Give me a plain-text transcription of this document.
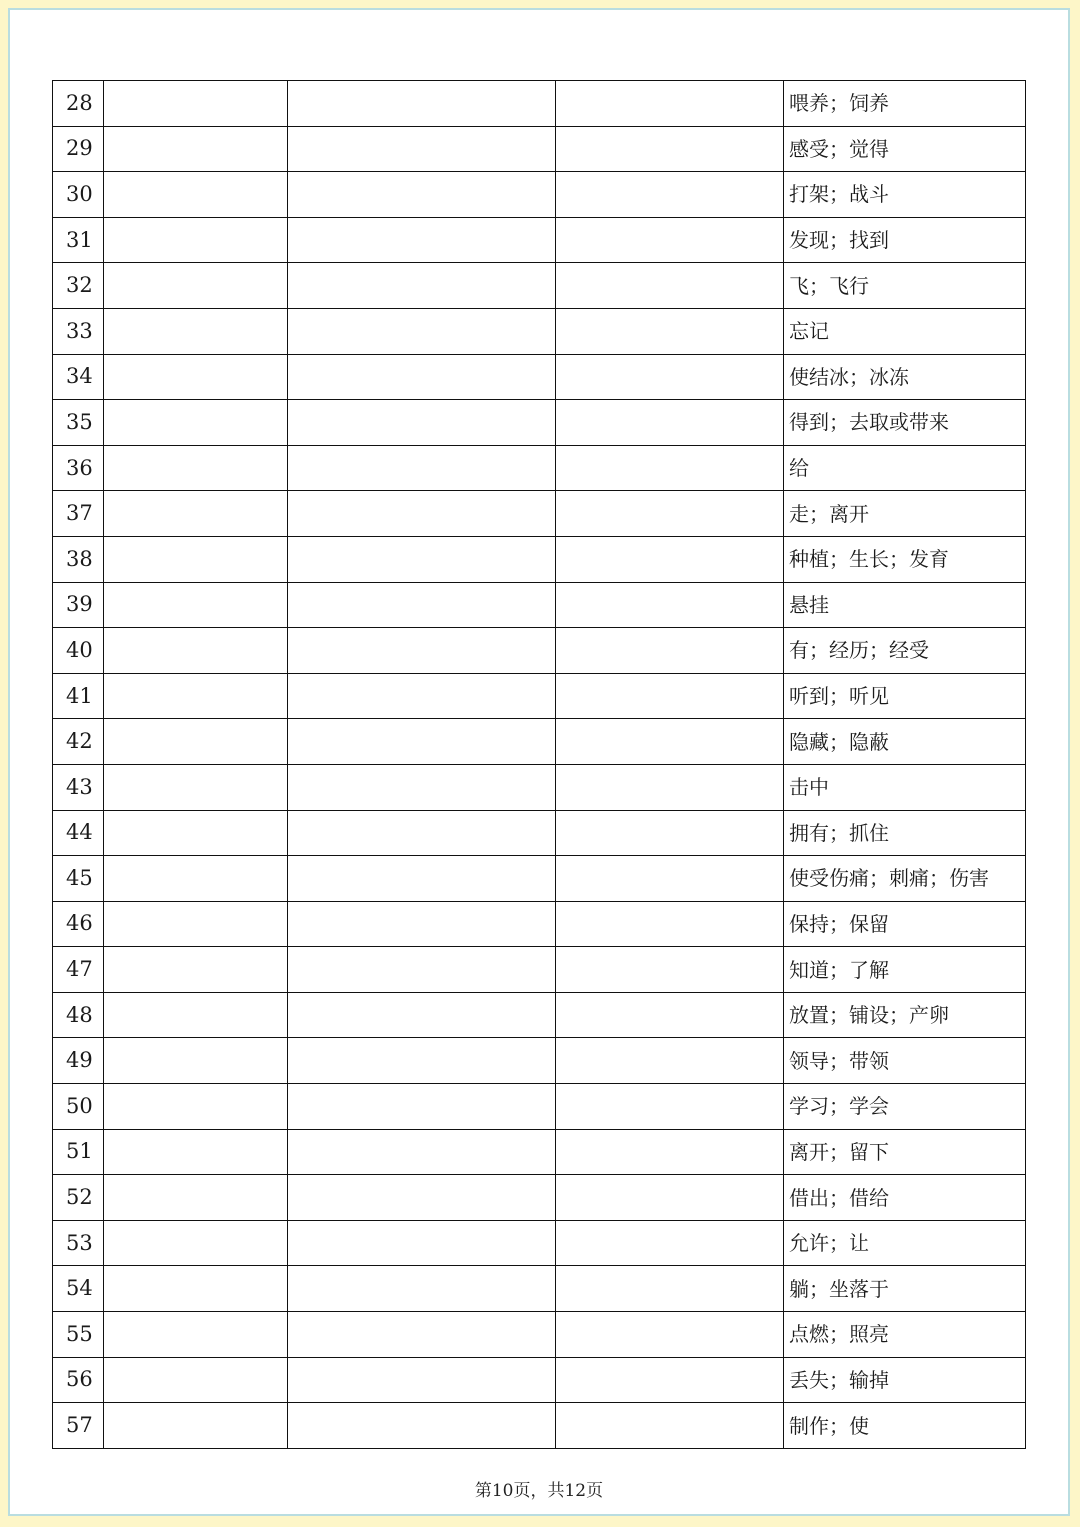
28				喂养；饲养
29				感受；觉得
30				打架；战斗
31				发现；找到
32				飞；飞行
33				忘记
34				使结冰；冰冻
35				得到；去取或带来
36				给
37				走；离开
38				种植；生长；发育
39				悬挂
40				有；经历；经受
41				听到；听见
42				隐藏；隐蔽
43				击中
44				拥有；抓住
45				使受伤痛；刺痛；伤害
46				保持；保留
47				知道；了解
48				放置；铺设；产卵
49				领导；带领
50				学习；学会
51				离开；留下
52				借出；借给
53				允许；让
54				躺；坐落于
55				点燃；照亮
56				丢失；输掉
57				制作；使
第10页，共12页
